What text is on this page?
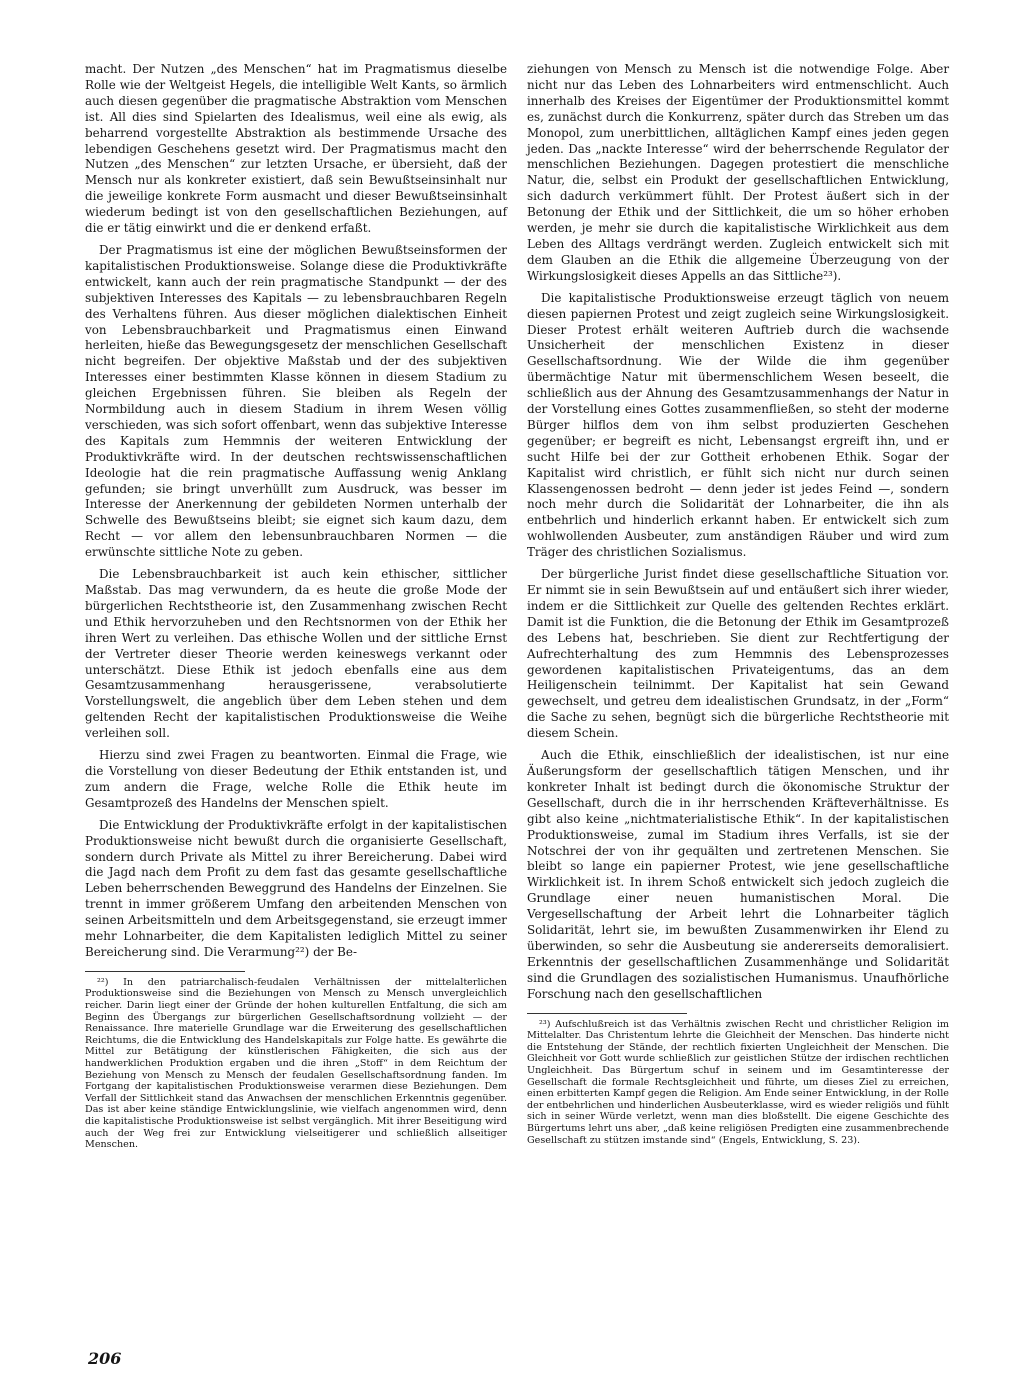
macht. Der Nutzen „des Menschen“ hat im Pragmatismus dieselbe Rolle wie der Weltgeist Hegels, die intelligible Welt Kants, so ärmlich auch diesen gegenüber die pragmatische Abstraktion vom Menschen ist. All dies sind Spielarten des Idealismus, weil eine als ewig, als beharrend vorgestellte Abstraktion als bestimmende Ursache des lebendigen Geschehens gesetzt wird. Der Pragmatismus macht den Nutzen „des Menschen“ zur letzten Ursache, er übersieht, daß der Mensch nur als konkreter existiert, daß sein Bewußtseinsinhalt nur die jeweilige konkrete Form ausmacht und dieser Bewußtseinsinhalt wiederum bedingt ist von den gesellschaftlichen Beziehungen, auf die er tätig einwirkt und die er denkend erfaßt.

Der Pragmatismus ist eine der möglichen Bewußtseinsformen der kapitalistischen Produktionsweise. Solange diese die Produktivkräfte entwickelt, kann auch der rein pragmatische Standpunkt — der des subjektiven Interesses des Kapitals — zu lebensbrauchbaren Regeln des Verhaltens führen. Aus dieser möglichen dialektischen Einheit von Lebensbrauchbarkeit und Pragmatismus einen Einwand herleiten, hieße das Bewegungsgesetz der menschlichen Gesellschaft nicht begreifen. Der objektive Maßstab und der des subjektiven Interesses einer bestimmten Klasse können in diesem Stadium zu gleichen Ergebnissen führen. Sie bleiben als Regeln der Normbildung auch in diesem Stadium in ihrem Wesen völlig verschieden, was sich sofort offenbart, wenn das subjektive Interesse des Kapitals zum Hemmnis der weiteren Entwicklung der Produktivkräfte wird. In der deutschen rechtswissenschaftlichen Ideologie hat die rein pragmatische Auffassung wenig Anklang gefunden; sie bringt unverhüllt zum Ausdruck, was besser im Interesse der Anerkennung der gebildeten Normen unterhalb der Schwelle des Bewußtseins bleibt; sie eignet sich kaum dazu, dem Recht — vor allem den lebensunbrauchbaren Normen — die erwünschte sittliche Note zu geben.

Die Lebensbrauchbarkeit ist auch kein ethischer, sittlicher Maßstab. Das mag verwundern, da es heute die große Mode der bürgerlichen Rechtstheorie ist, den Zusammenhang zwischen Recht und Ethik hervorzuheben und den Rechtsnormen von der Ethik her ihren Wert zu verleihen. Das ethische Wollen und der sittliche Ernst der Vertreter dieser Theorie werden keineswegs verkannt oder unterschätzt. Diese Ethik ist jedoch ebenfalls eine aus dem Gesamtzusammenhang herausgerissene, verabsolutierte Vorstellungswelt, die angeblich über dem Leben stehen und dem geltenden Recht der kapitalistischen Produktionsweise die Weihe verleihen soll.

Hierzu sind zwei Fragen zu beantworten. Einmal die Frage, wie die Vorstellung von dieser Bedeutung der Ethik entstanden ist, und zum andern die Frage, welche Rolle die Ethik heute im Gesamtprozeß des Handelns der Menschen spielt.

Die Entwicklung der Produktivkräfte erfolgt in der kapitalistischen Produktionsweise nicht bewußt durch die organisierte Gesellschaft, sondern durch Private als Mittel zu ihrer Bereicherung. Dabei wird die Jagd nach dem Profit zu dem fast das gesamte gesellschaftliche Leben beherrschenden Beweggrund des Handelns der Einzelnen. Sie trennt in immer größerem Umfang den arbeitenden Menschen von seinen Arbeitsmitteln und dem Arbeitsgegenstand, sie erzeugt immer mehr Lohnarbeiter, die dem Kapitalisten lediglich Mittel zu seiner Bereicherung sind. Die Verarmung²²) der Be-

²²) In den patriarchalisch-feudalen Verhältnissen der mittelalterlichen Produktionsweise sind die Beziehungen von Mensch zu Mensch unvergleichlich reicher. Darin liegt einer der Gründe der hohen kulturellen Entfaltung, die sich am Beginn des Übergangs zur bürgerlichen Gesellschaftsordnung vollzieht — der Renaissance. Ihre materielle Grundlage war die Erweiterung des gesellschaftlichen Reichtums, die die Entwicklung des Handelskapitals zur Folge hatte. Es gewährte die Mittel zur Betätigung der künstlerischen Fähigkeiten, die sich aus der handwerklichen Produktion ergaben und die ihren „Stoff“ in dem Reichtum der Beziehung von Mensch zu Mensch der feudalen Gesellschaftsordnung fanden. Im Fortgang der kapitalistischen Produktionsweise verarmen diese Beziehungen. Dem Verfall der Sittlichkeit stand das Anwachsen der menschlichen Erkenntnis gegenüber. Das ist aber keine ständige Entwicklungslinie, wie vielfach angenommen wird, denn die kapitalistische Produktionsweise ist selbst vergänglich. Mit ihrer Beseitigung wird auch der Weg frei zur Entwicklung vielseitigerer und schließlich allseitiger Menschen.

ziehungen von Mensch zu Mensch ist die notwendige Folge. Aber nicht nur das Leben des Lohnarbeiters wird entmenschlicht. Auch innerhalb des Kreises der Eigentümer der Produktionsmittel kommt es, zunächst durch die Konkurrenz, später durch das Streben um das Monopol, zum unerbittlichen, alltäglichen Kampf eines jeden gegen jeden. Das „nackte Interesse“ wird der beherrschende Regulator der menschlichen Beziehungen. Dagegen protestiert die menschliche Natur, die, selbst ein Produkt der gesellschaftlichen Entwicklung, sich dadurch verkümmert fühlt. Der Protest äußert sich in der Betonung der Ethik und der Sittlichkeit, die um so höher erhoben werden, je mehr sie durch die kapitalistische Wirklichkeit aus dem Leben des Alltags verdrängt werden. Zugleich entwickelt sich mit dem Glauben an die Ethik die allgemeine Überzeugung von der Wirkungslosigkeit dieses Appells an das Sittliche²³).

Die kapitalistische Produktionsweise erzeugt täglich von neuem diesen papiernen Protest und zeigt zugleich seine Wirkungslosigkeit. Dieser Protest erhält weiteren Auftrieb durch die wachsende Unsicherheit der menschlichen Existenz in dieser Gesellschaftsordnung. Wie der Wilde die ihm gegenüber übermächtige Natur mit übermenschlichem Wesen beseelt, die schließlich aus der Ahnung des Gesamtzusammenhangs der Natur in der Vorstellung eines Gottes zusammenfließen, so steht der moderne Bürger hilflos dem von ihm selbst produzierten Geschehen gegenüber; er begreift es nicht, Lebensangst ergreift ihn, und er sucht Hilfe bei der zur Gottheit erhobenen Ethik. Sogar der Kapitalist wird christlich, er fühlt sich nicht nur durch seinen Klassengenossen bedroht — denn jeder ist jedes Feind —, sondern noch mehr durch die Solidarität der Lohnarbeiter, die ihn als entbehrlich und hinderlich erkannt haben. Er entwickelt sich zum wohlwollenden Ausbeuter, zum anständigen Räuber und wird zum Träger des christlichen Sozialismus.

Der bürgerliche Jurist findet diese gesellschaftliche Situation vor. Er nimmt sie in sein Bewußtsein auf und entäußert sich ihrer wieder, indem er die Sittlichkeit zur Quelle des geltenden Rechtes erklärt. Damit ist die Funktion, die die Betonung der Ethik im Gesamtprozeß des Lebens hat, beschrieben. Sie dient zur Rechtfertigung der Aufrechterhaltung des zum Hemmnis des Lebensprozesses gewordenen kapitalistischen Privateigentums, das an dem Heiligenschein teilnimmt. Der Kapitalist hat sein Gewand gewechselt, und getreu dem idealistischen Grundsatz, in der „Form“ die Sache zu sehen, begnügt sich die bürgerliche Rechtstheorie mit diesem Schein.

Auch die Ethik, einschließlich der idealistischen, ist nur eine Äußerungsform der gesellschaftlich tätigen Menschen, und ihr konkreter Inhalt ist bedingt durch die ökonomische Struktur der Gesellschaft, durch die in ihr herrschenden Kräfteverhältnisse. Es gibt also keine „nichtmaterialistische Ethik“. In der kapitalistischen Produktionsweise, zumal im Stadium ihres Verfalls, ist sie der Notschrei der von ihr gequälten und zertretenen Menschen. Sie bleibt so lange ein papierner Protest, wie jene gesellschaftliche Wirklichkeit ist. In ihrem Schoß entwickelt sich jedoch zugleich die Grundlage einer neuen humanistischen Moral. Die Vergesellschaftung der Arbeit lehrt die Lohnarbeiter täglich Solidarität, lehrt sie, im bewußten Zusammenwirken ihr Elend zu überwinden, so sehr die Ausbeutung sie andererseits demoralisiert. Erkenntnis der gesellschaftlichen Zusammenhänge und Solidarität sind die Grundlagen des sozialistischen Humanismus. Unaufhörliche Forschung nach den gesellschaftlichen

²³) Aufschlußreich ist das Verhältnis zwischen Recht und christlicher Religion im Mittelalter. Das Christentum lehrte die Gleichheit der Menschen. Das hinderte nicht die Entstehung der Stände, der rechtlich fixierten Ungleichheit der Menschen. Die Gleichheit vor Gott wurde schließlich zur geistlichen Stütze der irdischen rechtlichen Ungleichheit. Das Bürgertum schuf in seinem und im Gesamtinteresse der Gesellschaft die formale Rechtsgleichheit und führte, um dieses Ziel zu erreichen, einen erbitterten Kampf gegen die Religion. Am Ende seiner Entwicklung, in der Rolle der entbehrlichen und hinderlichen Ausbeuterklasse, wird es wieder religiös und fühlt sich in seiner Würde verletzt, wenn man dies bloßstellt. Die eigene Geschichte des Bürgertums lehrt uns aber, „daß keine religiösen Predigten eine zusammenbrechende Gesellschaft zu stützen imstande sind“ (Engels, Entwicklung, S. 23).

206
